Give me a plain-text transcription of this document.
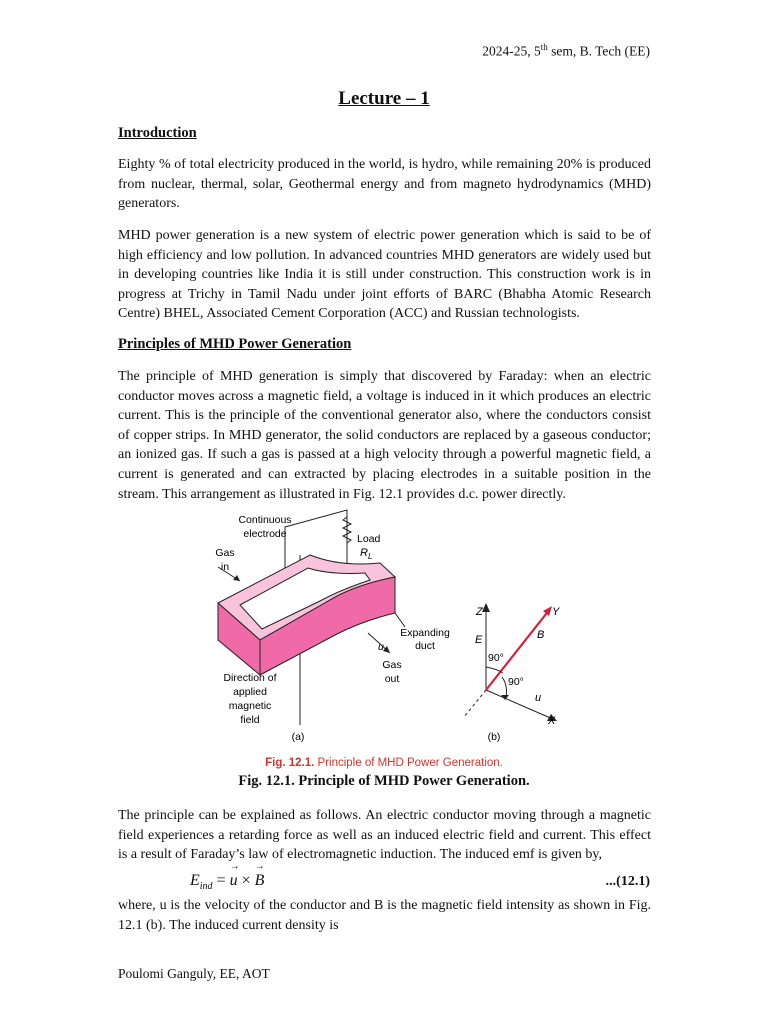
2024-25, 5th sem, B. Tech (EE)
Lecture – 1
Introduction

Eighty % of total electricity produced in the world, is hydro, while remaining 20% is produced from nuclear, thermal, solar, Geothermal energy and from magneto hydrodynamics (MHD) generators.

MHD power generation is a new system of electric power generation which is said to be of high efficiency and low pollution. In advanced countries MHD generators are widely used but in developing countries like India it is still under construction. This construction work is in progress at Trichy in Tamil Nadu under joint efforts of BARC (Bhabha Atomic Research Centre) BHEL, Associated Cement Corporation (ACC) and Russian technologists.

Principles of MHD Power Generation

The principle of MHD generation is simply that discovered by Faraday: when an electric conductor moves across a magnetic field, a voltage is induced in it which produces an electric current. This is the principle of the conventional generator also, where the conductors consist of copper strips. In MHD generator, the solid conductors are replaced by a gaseous conductor; an ionized gas. If such a gas is passed at a high velocity through a powerful magnetic field, a current is generated and can extracted by placing electrodes in a suitable position in the stream. This arrangement as illustrated in Fig. 12.1 provides d.c. power directly.

Continuous
electrode	Load
$R_L$
Gas
in
Expanding
duct
u
Gas
out
Direction of
applied
magnetic
field
(a)
Z	Y
E	B
90°
90°
u
X
(b)
Fig. 12.1. Principle of MHD Power Generation.
Fig. 12.1. Principle of MHD Power Generation.

The principle can be explained as follows. An electric conductor moving through a magnetic field experiences a retarding force as well as an induced electric field and current. This effect is a result of Faraday’s law of electromagnetic induction. The induced emf is given by,

$E_{ind}$ = → u × → B	...(12.1)

where, u is the velocity of the conductor and B is the magnetic field intensity as shown in Fig. 12.1 (b). The induced current density is

Poulomi Ganguly, EE, AOT
